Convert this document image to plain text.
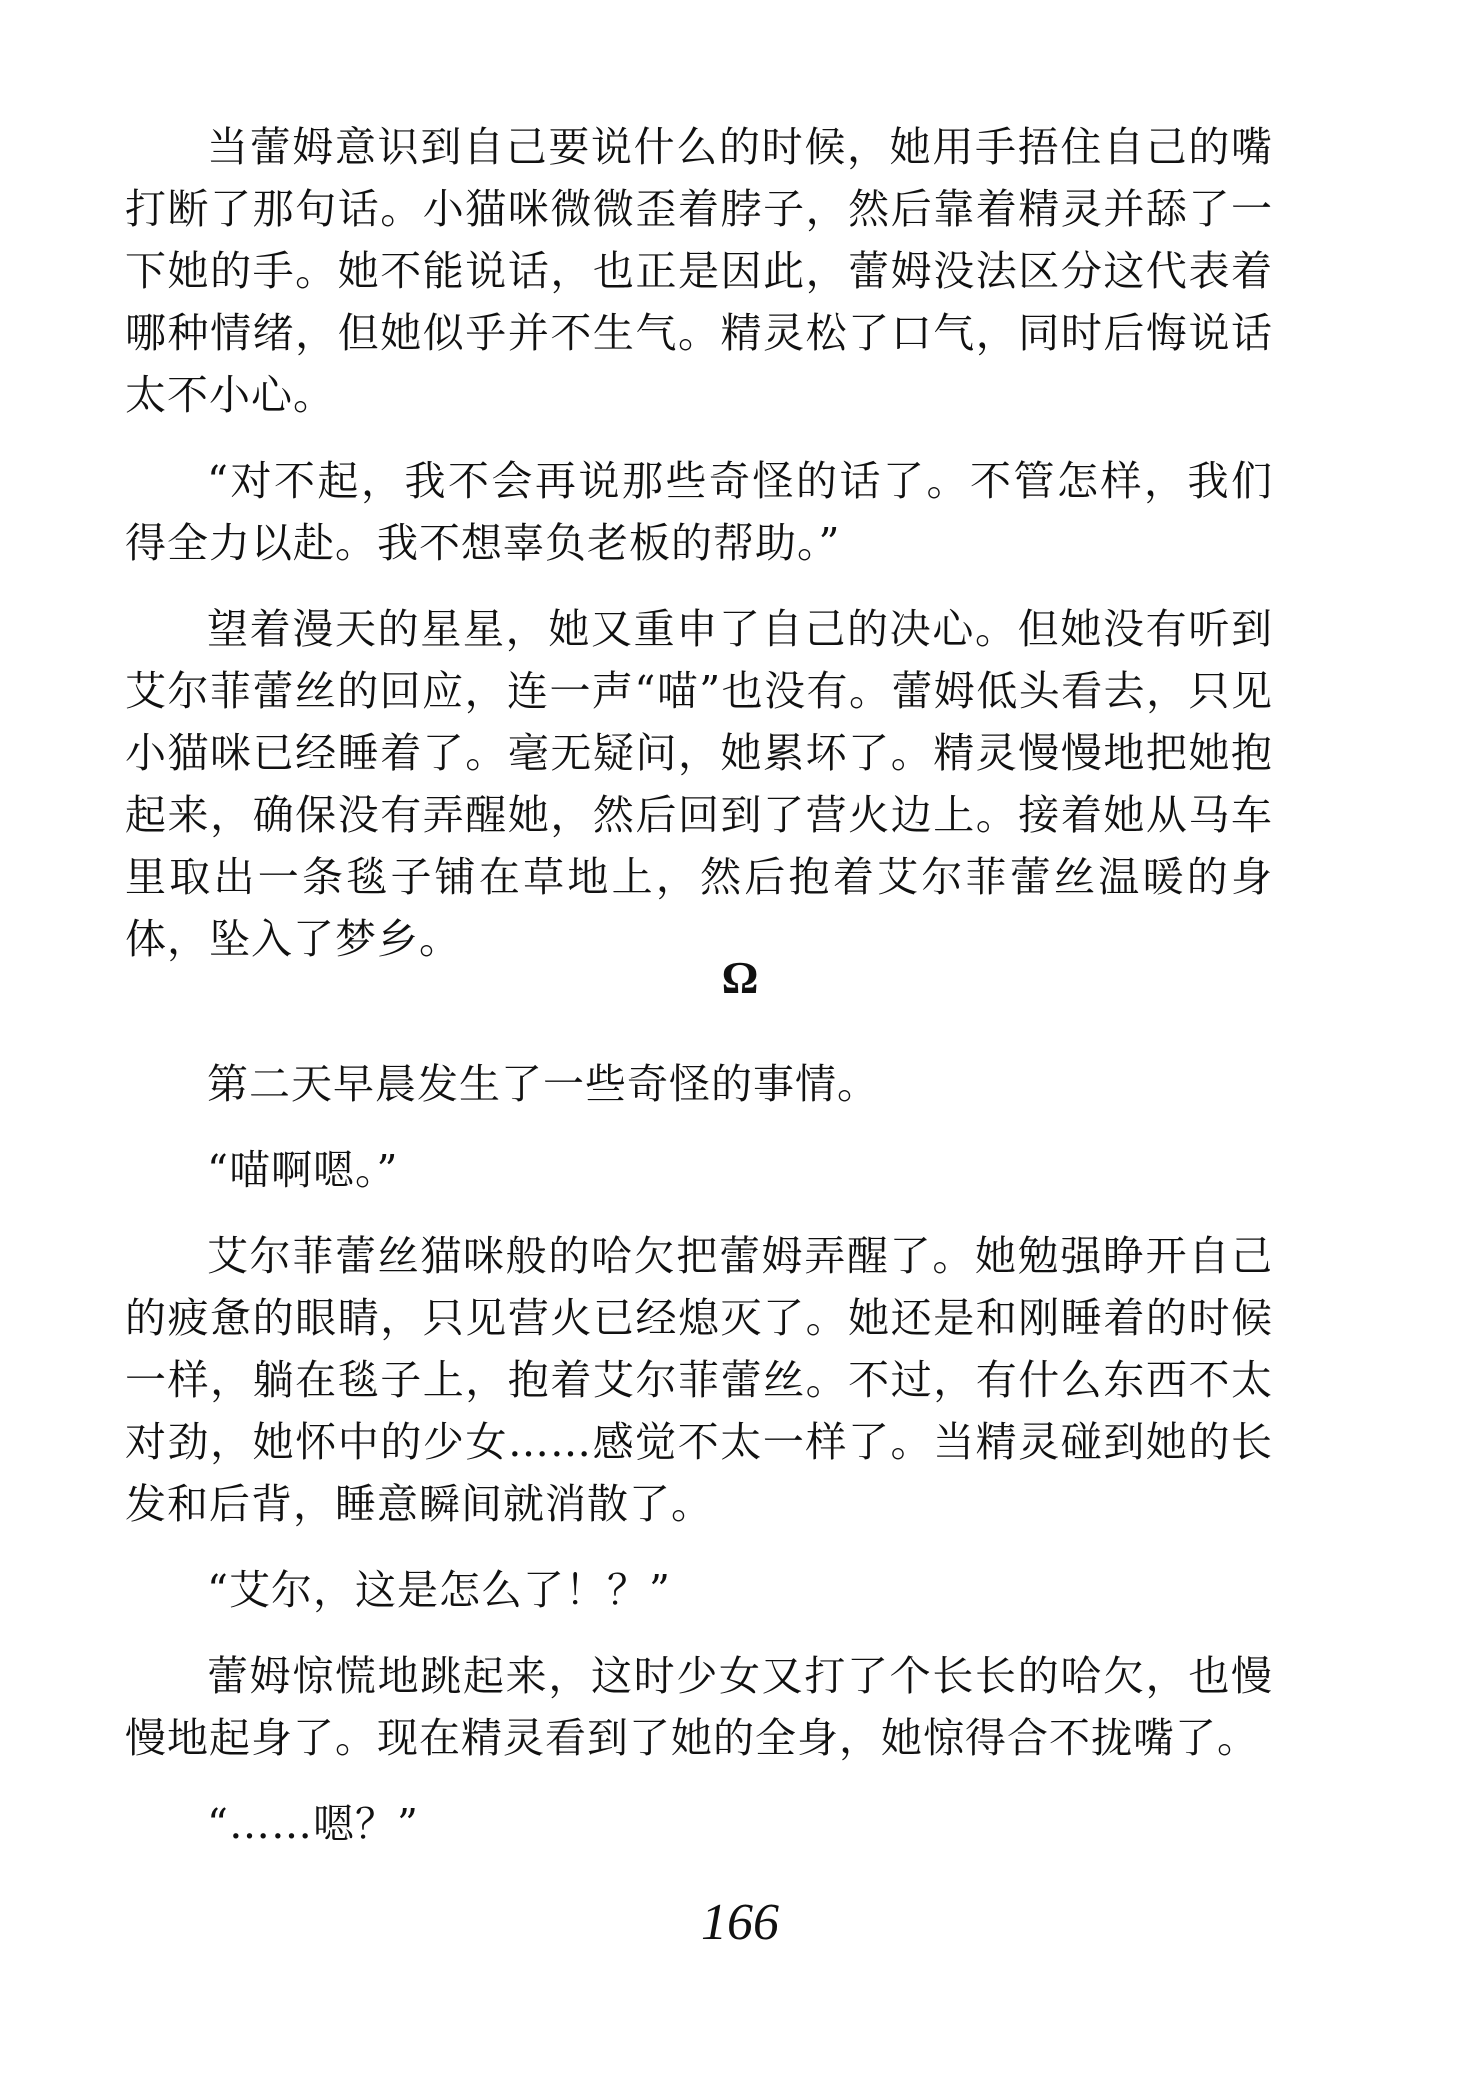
当蕾姆意识到自己要说什么的时候，她用手捂住自己的嘴打断了那句话。小猫咪微微歪着脖子，然后靠着精灵并舔了一下她的手。她不能说话，也正是因此，蕾姆没法区分这代表着哪种情绪，但她似乎并不生气。精灵松了口气，同时后悔说话太不小心。

“对不起，我不会再说那些奇怪的话了。不管怎样，我们得全力以赴。我不想辜负老板的帮助。”

望着漫天的星星，她又重申了自己的决心。但她没有听到艾尔菲蕾丝的回应，连一声“喵”也没有。蕾姆低头看去，只见小猫咪已经睡着了。毫无疑问，她累坏了。精灵慢慢地把她抱起来，确保没有弄醒她，然后回到了营火边上。接着她从马车里取出一条毯子铺在草地上，然后抱着艾尔菲蕾丝温暖的身体，坠入了梦乡。

Ω

第二天早晨发生了一些奇怪的事情。

“喵啊嗯。”

艾尔菲蕾丝猫咪般的哈欠把蕾姆弄醒了。她勉强睁开自己的疲惫的眼睛，只见营火已经熄灭了。她还是和刚睡着的时候一样，躺在毯子上，抱着艾尔菲蕾丝。不过，有什么东西不太对劲，她怀中的少女……感觉不太一样了。当精灵碰到她的长发和后背，睡意瞬间就消散了。

“艾尔，这是怎么了！？”

蕾姆惊慌地跳起来，这时少女又打了个长长的哈欠，也慢慢地起身了。现在精灵看到了她的全身，她惊得合不拢嘴了。

“……嗯？”

166
